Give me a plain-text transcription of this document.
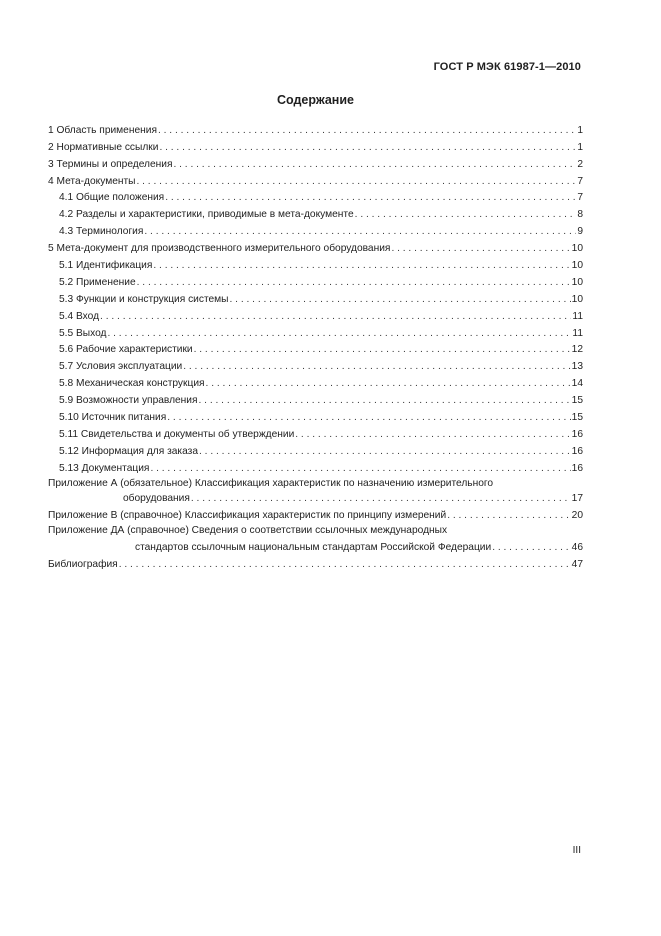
ГОСТ Р МЭК 61987-1—2010
Содержание
1 Область применения . . .	1
2 Нормативные ссылки . . .	1
3 Термины и определения . . .	2
4 Мета-документы . . .	7
4.1 Общие положения . . .	7
4.2 Разделы и характеристики, приводимые в мета-документе . . .	8
4.3 Терминология . . .	9
5 Мета-документ для производственного измерительного оборудования . . .	10
5.1 Идентификация . . .	10
5.2 Применение . . .	10
5.3 Функции и конструкция системы . . .	10
5.4 Вход . . .	11
5.5 Выход . . .	11
5.6 Рабочие характеристики . . .	12
5.7 Условия эксплуатации . . .	13
5.8 Механическая конструкция . . .	14
5.9 Возможности управления . . .	15
5.10 Источник питания . . .	15
5.11 Свидетельства и документы об утверждении . . .	16
5.12 Информация для заказа . . .	16
5.13 Документация . . .	16
Приложение А (обязательное) Классификация характеристик по назначению измерительного
оборудования . . .	17
Приложение В (справочное) Классификация характеристик по принципу измерений . . .	20
Приложение ДА (справочное) Сведения о соответствии ссылочных международных
стандартов ссылочным национальным стандартам Российской Федерации . . .	46
Библиография . . .	47
III
